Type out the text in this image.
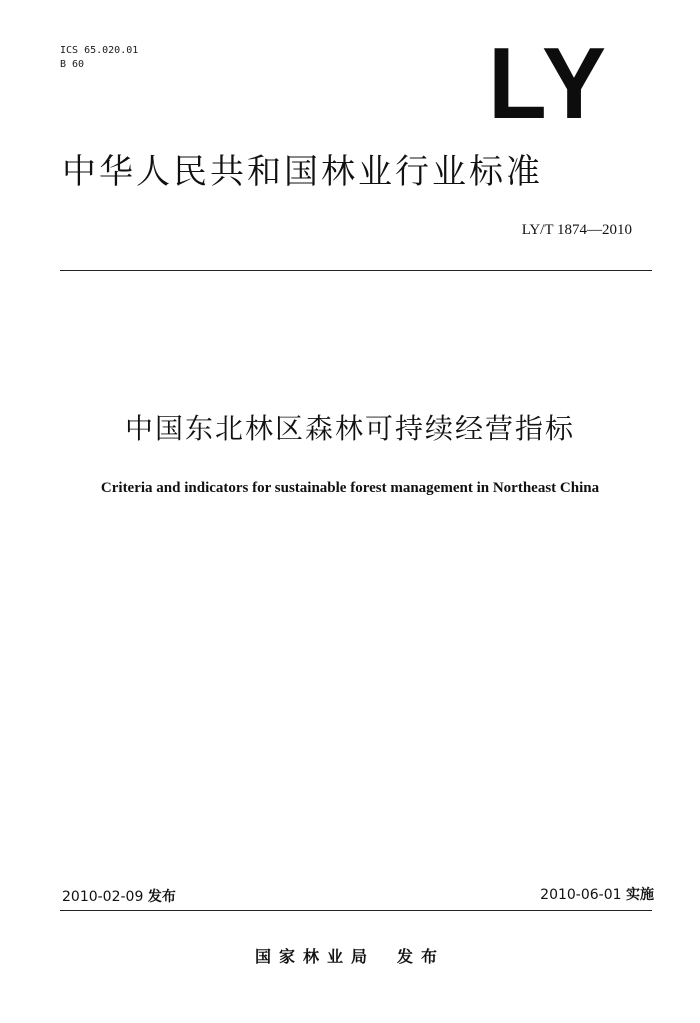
ICS 65.020.01
B 60	LY
中华人民共和国林业行业标准
LY/T 1874—2010
中国东北林区森林可持续经营指标
Criteria and indicators for sustainable forest management in Northeast China
2010-02-09 发布	2010-06-01 实施
国家林业局 发布
